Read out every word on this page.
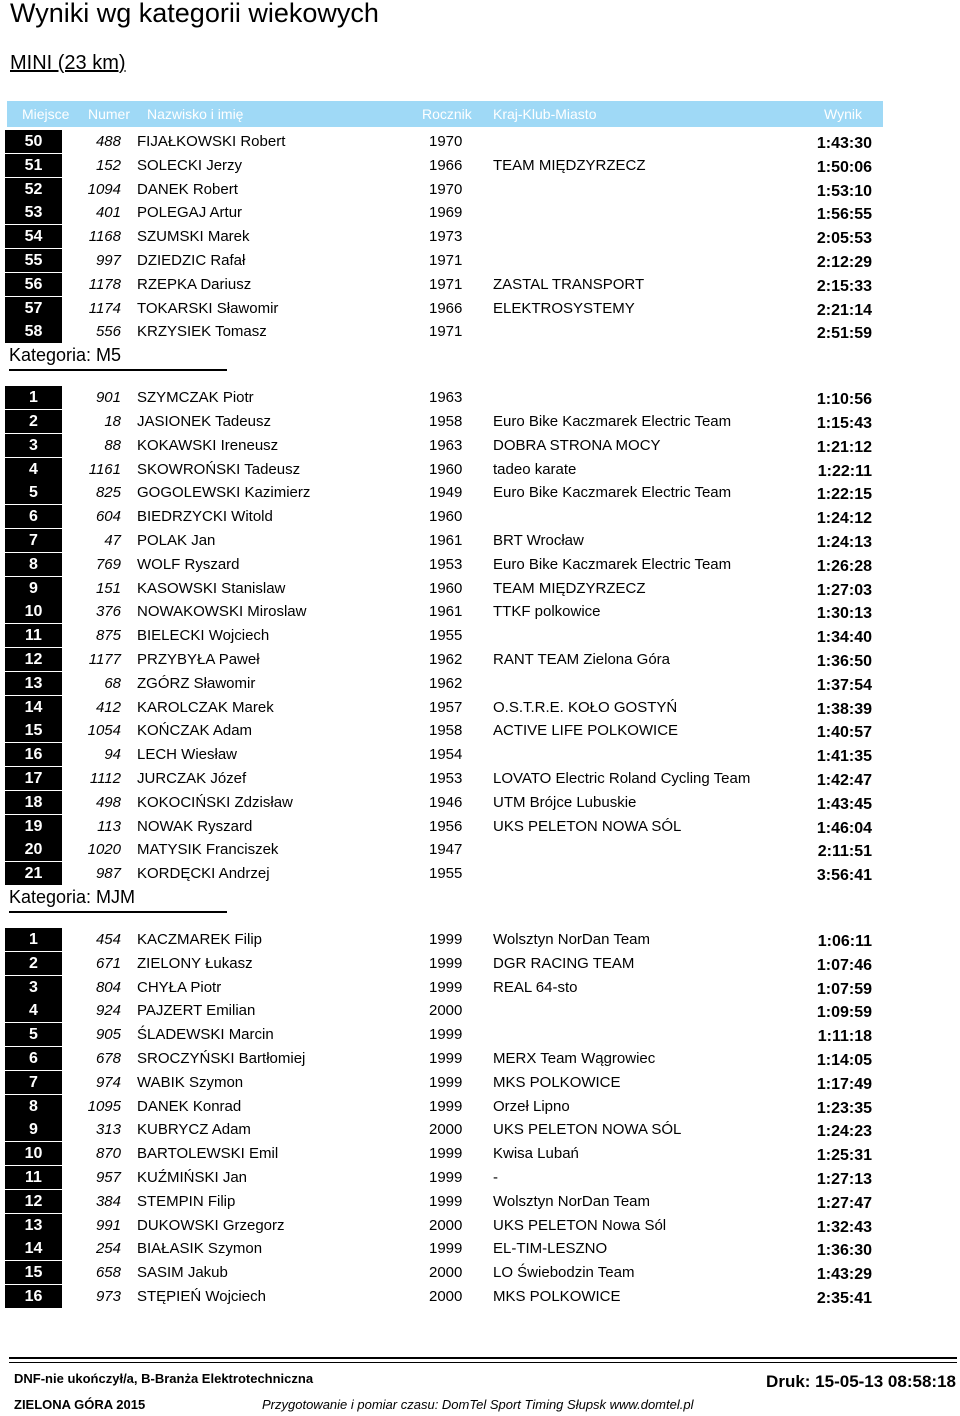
Wyniki wg kategorii wiekowych
MINI (23 km)
Miejsce Numer Nazwisko i imię	Rocznik Kraj-Klub-Miasto	Wynik
50	488 FIJAŁKOWSKI Robert	1970	1:43:30
51	152 SOLECKI Jerzy	1966 TEAM MIĘDZYRZECZ	1:50:06
52	1094 DANEK Robert	1970	1:53:10
53	401 POLEGAJ Artur	1969	1:56:55
54	1168 SZUMSKI Marek	1973	2:05:53
55	997 DZIEDZIC Rafał	1971	2:12:29
56	1178 RZEPKA Dariusz	1971 ZASTAL TRANSPORT	2:15:33
57	1174 TOKARSKI Sławomir	1966 ELEKTROSYSTEMY	2:21:14
58	556 KRZYSIEK Tomasz	1971	2:51:59
Kategoria: M5
1	901 SZYMCZAK Piotr	1963	1:10:56
2	18 JASIONEK Tadeusz	1958 Euro Bike Kaczmarek Electric Team	1:15:43
3	88 KOKAWSKI Ireneusz	1963 DOBRA STRONA MOCY	1:21:12
4	1161 SKOWROŃSKI Tadeusz	1960 tadeo karate	1:22:11
5	825 GOGOLEWSKI Kazimierz	1949 Euro Bike Kaczmarek Electric Team	1:22:15
6	604 BIEDRZYCKI Witold	1960	1:24:12
7	47 POLAK Jan	1961 BRT Wrocław	1:24:13
8	769 WOLF Ryszard	1953 Euro Bike Kaczmarek Electric Team	1:26:28
9	151 KASOWSKI Stanislaw	1960 TEAM MIĘDZYRZECZ	1:27:03
10	376 NOWAKOWSKI Miroslaw	1961 TTKF polkowice	1:30:13
11	875 BIELECKI Wojciech	1955	1:34:40
12	1177 PRZYBYŁA Paweł	1962 RANT TEAM Zielona Góra	1:36:50
13	68 ZGÓRZ Sławomir	1962	1:37:54
14	412 KAROLCZAK Marek	1957 O.S.T.R.E. KOŁO GOSTYŃ	1:38:39
15	1054 KOŃCZAK Adam	1958 ACTIVE LIFE POLKOWICE	1:40:57
16	94 LECH Wiesław	1954	1:41:35
17	1112 JURCZAK Józef	1953 LOVATO Electric Roland Cycling Team	1:42:47
18	498 KOKOCIŃSKI Zdzisław	1946 UTM Brójce Lubuskie	1:43:45
19	113 NOWAK Ryszard	1956 UKS PELETON NOWA SÓL	1:46:04
20	1020 MATYSIK Franciszek	1947	2:11:51
21	987 KORDĘCKI Andrzej	1955	3:56:41
Kategoria: MJM
1	454 KACZMAREK Filip	1999 Wolsztyn NorDan Team	1:06:11
2	671 ZIELONY Łukasz	1999 DGR RACING TEAM	1:07:46
3	804 CHYŁA Piotr	1999 REAL 64-sto	1:07:59
4	924 PAJZERT Emilian	2000	1:09:59
5	905 ŚLADEWSKI Marcin	1999	1:11:18
6	678 SROCZYŃSKI Bartłomiej	1999 MERX Team Wągrowiec	1:14:05
7	974 WABIK Szymon	1999 MKS POLKOWICE	1:17:49
8	1095 DANEK Konrad	1999 Orzeł Lipno	1:23:35
9	313 KUBRYCZ Adam	2000 UKS PELETON NOWA SÓL	1:24:23
10	870 BARTOLEWSKI Emil	1999 Kwisa Lubań	1:25:31
11	957 KUŹMIŃSKI Jan	1999 -	1:27:13
12	384 STEMPIN Filip	1999 Wolsztyn NorDan Team	1:27:47
13	991 DUKOWSKI Grzegorz	2000 UKS PELETON Nowa Sól	1:32:43
14	254 BIAŁASIK Szymon	1999 EL-TIM-LESZNO	1:36:30
15	658 SASIM Jakub	2000 LO Świebodzin Team	1:43:29
16	973 STĘPIEŃ Wojciech	2000 MKS POLKOWICE	2:35:41
DNF-nie ukończył/a, B-Branża Elektrotechniczna
ZIELONA GÓRA 2015	Przygotowanie i pomiar czasu: DomTel Sport Timing Słupsk www.domtel.pl
Druk: 15-05-13 08:58:18
